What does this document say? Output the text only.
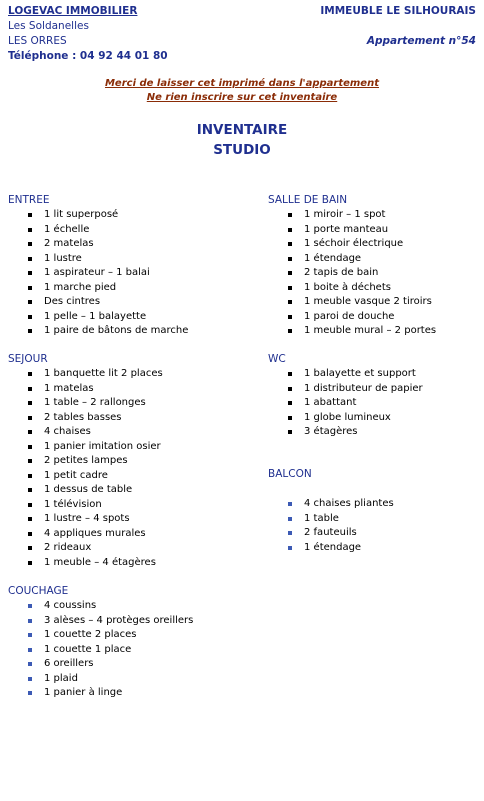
LOGEVAC IMMOBILIER
Les Soldanelles
LES ORRES
Téléphone : 04 92 44 01 80
IMMEUBLE LE SILHOURAIS
Appartement n°54
Merci de laisser cet imprimé dans l'appartement
Ne rien inscrire sur cet inventaire
INVENTAIRE
STUDIO
ENTREE
1 lit superposé
1 échelle
2 matelas
1 lustre
1 aspirateur – 1 balai
1 marche pied
Des cintres
1 pelle – 1 balayette
1 paire de bâtons de marche
SEJOUR
1 banquette lit 2 places
1 matelas
1 table – 2 rallonges
2 tables basses
4 chaises
1 panier imitation osier
2 petites lampes
1 petit cadre
1 dessus de table
1 télévision
1 lustre – 4 spots
4 appliques murales
2 rideaux
1 meuble – 4 étagères
COUCHAGE
4 coussins
3 alèses – 4 protèges oreillers
1 couette 2 places
1 couette 1 place
6 oreillers
1 plaid
1 panier à linge
SALLE DE BAIN
1 miroir – 1 spot
1 porte manteau
1 séchoir électrique
1 étendage
2 tapis de bain
1 boite à déchets
1 meuble vasque 2 tiroirs
1 paroi de douche
1 meuble mural – 2 portes
WC
1 balayette et support
1 distributeur de papier
1 abattant
1 globe lumineux
3 étagères
BALCON
4 chaises pliantes
1 table
2 fauteuils
1 étendage
